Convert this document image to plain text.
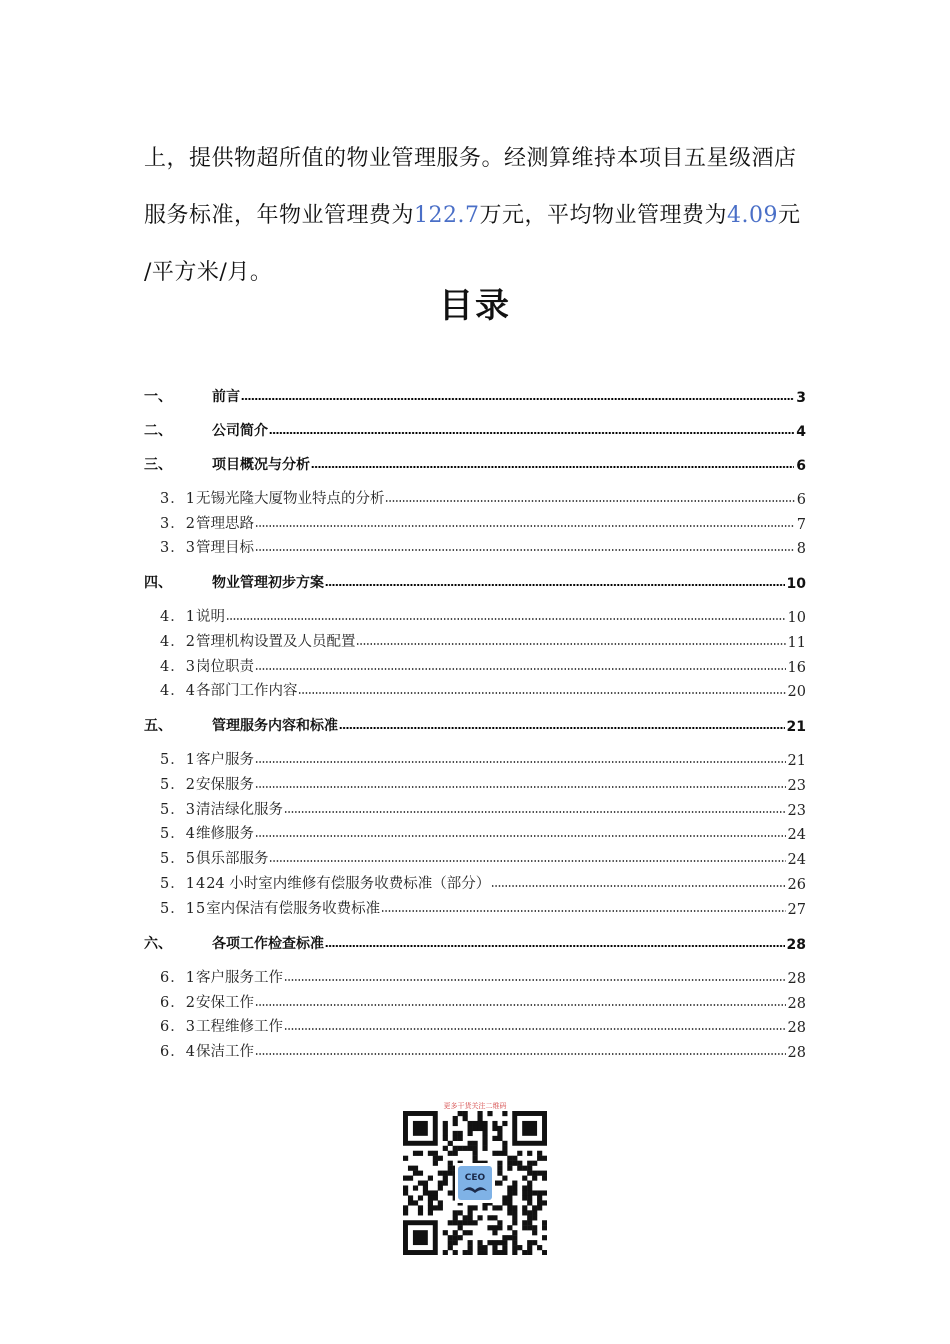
上，提供物超所值的物业管理服务。经测算维持本项目五星级酒店
服务标准，年物业管理费为122.7万元，平均物业管理费为4.09元
/平方米/月。
目录
一、	前言	3
二、	公司简介	4
三、	项目概况与分析	6
3．1 无锡光隆大厦物业特点的分析	6
3．2 管理思路	7
3．3 管理目标	8
四、	物业管理初步方案	10
4．1 说明	10
4．2 管理机构设置及人员配置	11
4．3 岗位职责	16
4．4 各部门工作内容	20
五、	管理服务内容和标准	21
5．1 客户服务	21
5．2 安保服务	23
5．3 清洁绿化服务	23
5．4 维修服务	24
5．5 俱乐部服务	24
5．14 24 小时室内维修有偿服务收费标准（部分）	26
5．15 室内保洁有偿服务收费标准	27
六、	各项工作检查标准	28
6．1 客户服务工作	28
6．2 安保工作	28
6．3 工程维修工作	28
6．4 保洁工作	28
更多干货关注二维码
CEO
